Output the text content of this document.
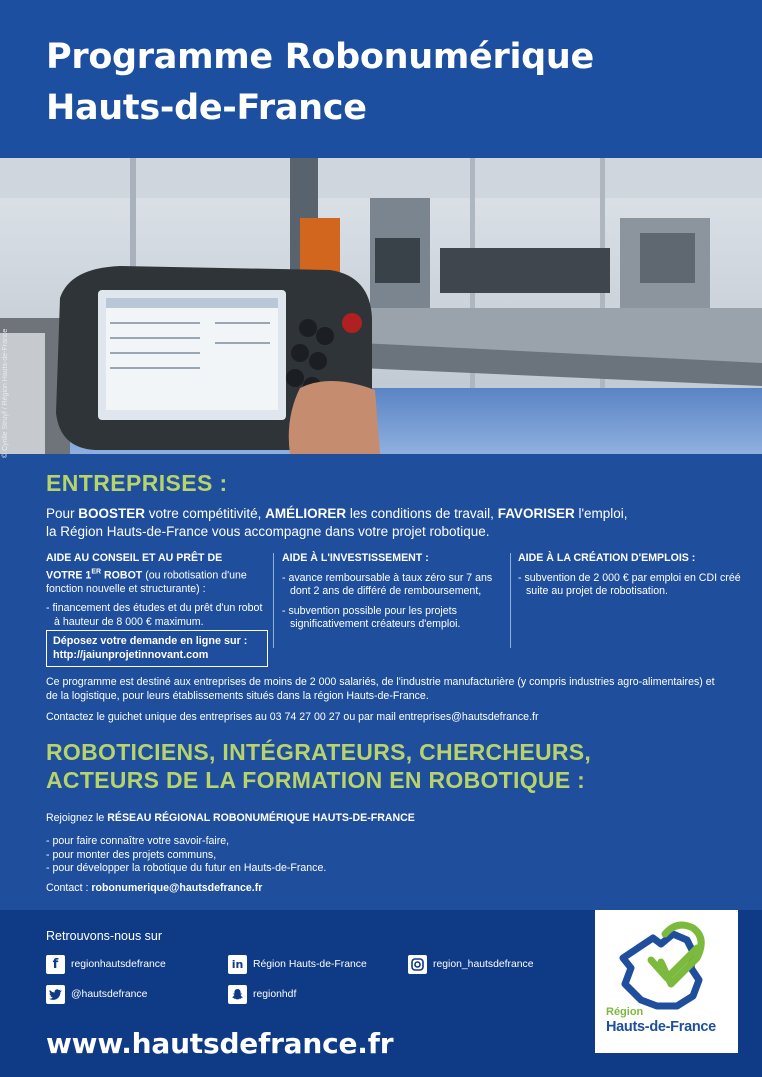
Programme Robonumérique
Hauts-de-France
© Cyrille Struyf / Région Hauts-de-France
ENTREPRISES :
Pour BOOSTER votre compétitivité, AMÉLIORER les conditions de travail, FAVORISER l'emploi,
la Région Hauts-de-France vous accompagne dans votre projet robotique.

AIDE AU CONSEIL ET AU PRÊT DE
VOTRE 1ER ROBOT (ou robotisation d'une fonction nouvelle et structurante) :

- financement des études et du prêt d'un robot à hauteur de 8 000 € maximum.

Déposez votre demande en ligne sur :
http://jaiunprojetinnovant.com

AIDE À L'INVESTISSEMENT :

- avance remboursable à taux zéro sur 7 ans dont 2 ans de différé de remboursement,

- subvention possible pour les projets significativement créateurs d'emploi.

AIDE À LA CRÉATION D'EMPLOIS :

- subvention de 2 000 € par emploi en CDI créé suite au projet de robotisation.

Ce programme est destiné aux entreprises de moins de 2 000 salariés, de l'industrie manufacturière (y compris industries agro-alimentaires) et de la logistique, pour leurs établissements situés dans la région Hauts-de-France.
Contactez le guichet unique des entreprises au 03 74 27 00 27 ou par mail entreprises@hautsdefrance.fr
ROBOTICIENS, INTÉGRATEURS, CHERCHEURS,
ACTEURS DE LA FORMATION EN ROBOTIQUE :
Rejoignez le RÉSEAU RÉGIONAL ROBONUMÉRIQUE HAUTS-DE-FRANCE
- pour faire connaître votre savoir-faire,
- pour monter des projets communs,
- pour développer la robotique du futur en Hauts-de-France.
Contact : robonumerique@hautsdefrance.fr
Retrouvons-nous sur
f	regionhautsdefrance	in Région Hauts-de-France	region_hautsdefrance
@hautsdefrance	regionhdf
www.hautsdefrance.fr
Région
Hauts-de-France
